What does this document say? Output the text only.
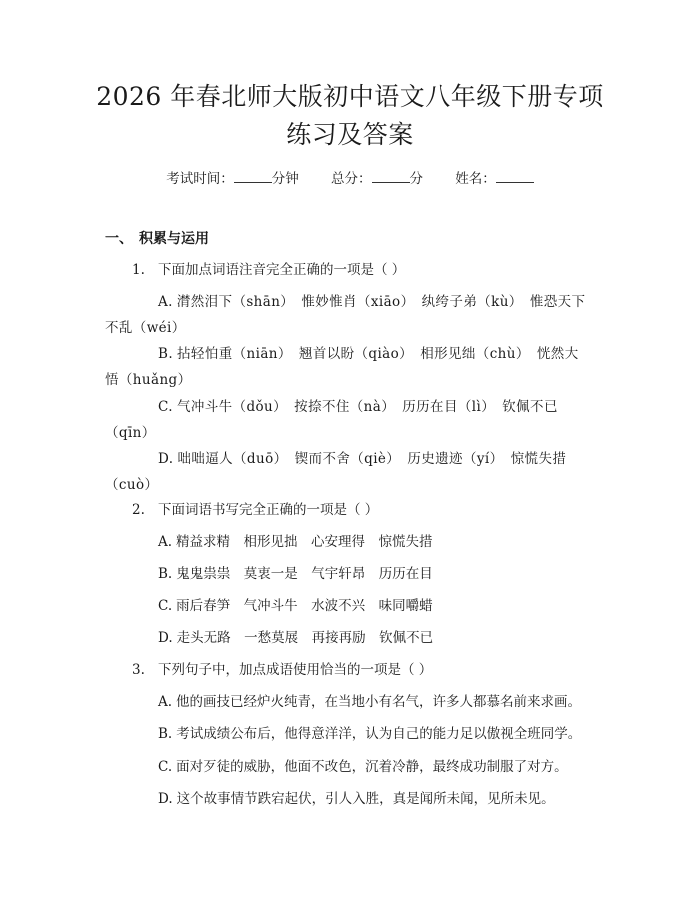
2026 年春北师大版初中语文八年级下册专项
练习及答案
考试时间：	分钟 总分：	分 姓名：
一、 积累与运用
1. 下面加点词语注音完全正确的一项是（ ）
A. 潸然泪下（shān）　惟妙惟肖（xiāo）　纨绔子弟（kù）　惟恐天下不乱（wéi）
B. 拈轻怕重（niān）　翘首以盼（qiào）　相形见绌（chù）　恍然大悟（huǎng）
C. 气冲斗牛（dǒu）　按捺不住（nà）　历历在目（lì）　钦佩不已（qīn）
D. 咄咄逼人（duō）　锲而不舍（qiè）　历史遗迹（yí）　惊慌失措（cuò）
2. 下面词语书写完全正确的一项是（ ）
A. 精益求精　相形见拙　心安理得　惊慌失措
B. 鬼鬼祟祟　莫衷一是　气宇轩昂　历历在目
C. 雨后春笋　气冲斗牛　水波不兴　味同嚼蜡
D. 走头无路　一愁莫展　再接再励　钦佩不已
3. 下列句子中，加点成语使用恰当的一项是（ ）
A. 他的画技已经炉火纯青，在当地小有名气，许多人都慕名前来求画。
B. 考试成绩公布后，他得意洋洋，认为自己的能力足以傲视全班同学。
C. 面对歹徒的威胁，他面不改色，沉着冷静，最终成功制服了对方。
D. 这个故事情节跌宕起伏，引人入胜，真是闻所未闻，见所未见。
